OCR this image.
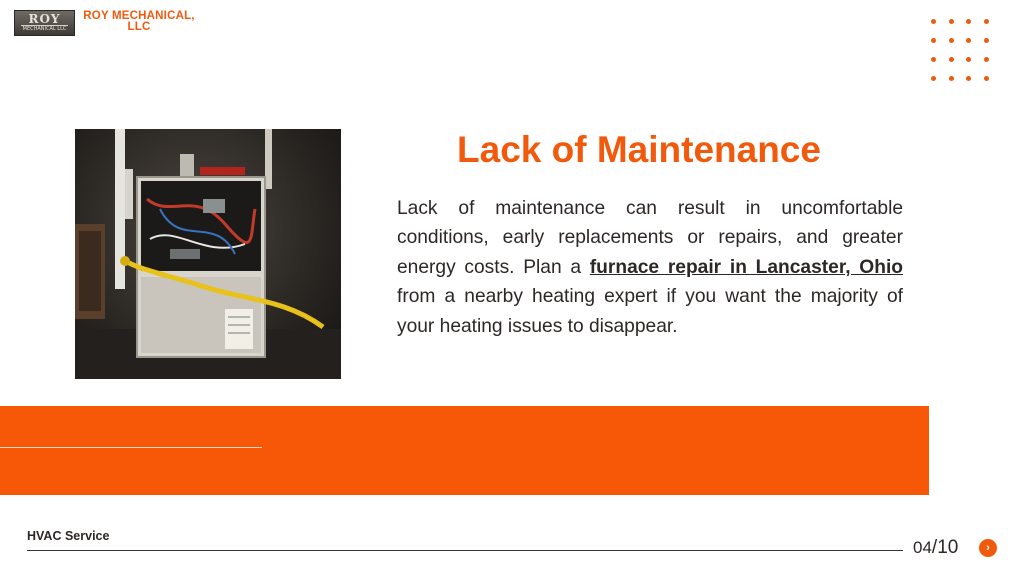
ROY
MECHANICAL LLC
ROY MECHANICAL, LLC
Lack of Maintenance

Lack of maintenance can result in uncomfortable conditions, early replacements or repairs, and greater energy costs. Plan a furnace repair in Lancaster, Ohio from a nearby heating expert if you want the majority of your heating issues to disappear.

HVAC Service
04/10	›
